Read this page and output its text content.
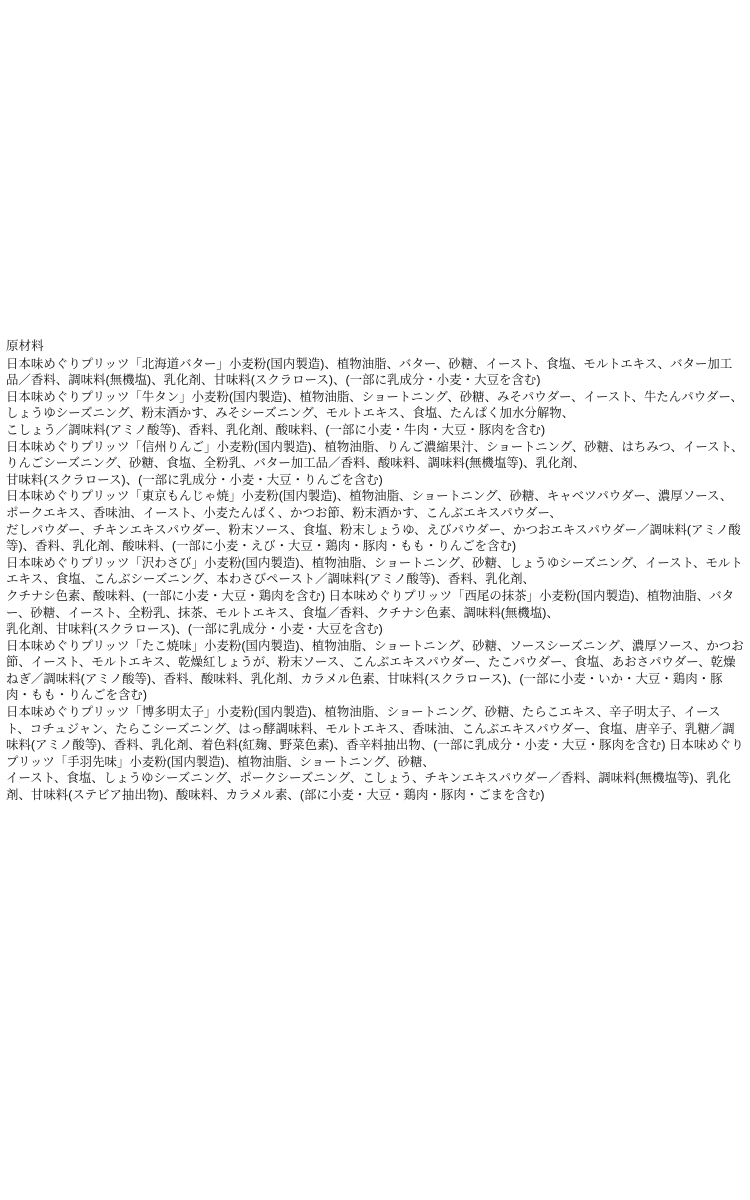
原材料

日本味めぐりプリッツ「北海道バター」小麦粉(国内製造)、植物油脂、バター、砂糖、イースト、食塩、モルトエキス、バター加工品／香料、調味料(無機塩)、乳化剤、甘味料(スクラロース)、(一部に乳成分・小麦・大豆を含む)

日本味めぐりプリッツ「牛タン」小麦粉(国内製造)、植物油脂、ショートニング、砂糖、みそパウダー、イースト、牛たんパウダー、しょうゆシーズニング、粉末酒かす、みそシーズニング、モルトエキス、食塩、たんぱく加水分解物、

こしょう／調味料(アミノ酸等)、香料、乳化剤、酸味料、(一部に小麦・牛肉・大豆・豚肉を含む)

日本味めぐりプリッツ「信州りんご」小麦粉(国内製造)、植物油脂、りんご濃縮果汁、ショートニング、砂糖、はちみつ、イースト、りんごシーズニング、砂糖、食塩、全粉乳、バター加工品／香料、酸味料、調味料(無機塩等)、乳化剤、

甘味料(スクラロース)、(一部に乳成分・小麦・大豆・りんごを含む)

日本味めぐりプリッツ「東京もんじゃ焼」小麦粉(国内製造)、植物油脂、ショートニング、砂糖、キャベツパウダー、濃厚ソース、ポークエキス、香味油、イースト、小麦たんぱく、かつお節、粉末酒かす、こんぶエキスパウダー、

だしパウダー、チキンエキスパウダー、粉末ソース、食塩、粉末しょうゆ、えびパウダー、かつおエキスパウダー／調味料(アミノ酸等)、香料、乳化剤、酸味料、(一部に小麦・えび・大豆・鶏肉・豚肉・もも・りんごを含む)

日本味めぐりプリッツ「沢わさび」小麦粉(国内製造)、植物油脂、ショートニング、砂糖、しょうゆシーズニング、イースト、モルトエキス、食塩、こんぶシーズニング、本わさびペースト／調味料(アミノ酸等)、香料、乳化剤、

クチナシ色素、酸味料、(一部に小麦・大豆・鶏肉を含む) 日本味めぐりプリッツ「西尾の抹茶」小麦粉(国内製造)、植物油脂、バター、砂糖、イースト、全粉乳、抹茶、モルトエキス、食塩／香料、クチナシ色素、調味料(無機塩)、

乳化剤、甘味料(スクラロース)、(一部に乳成分・小麦・大豆を含む)

日本味めぐりプリッツ「たこ焼味」小麦粉(国内製造)、植物油脂、ショートニング、砂糖、ソースシーズニング、濃厚ソース、かつお節、イースト、モルトエキス、乾燥紅しょうが、粉末ソース、こんぶエキスパウダー、たこパウダー、食塩、あおさパウダー、乾燥ねぎ／調味料(アミノ酸等)、香料、酸味料、乳化剤、カラメル色素、甘味料(スクラロース)、(一部に小麦・いか・大豆・鶏肉・豚肉・もも・りんごを含む)

日本味めぐりプリッツ「博多明太子」小麦粉(国内製造)、植物油脂、ショートニング、砂糖、たらこエキス、辛子明太子、イースト、コチュジャン、たらこシーズニング、はっ酵調味料、モルトエキス、香味油、こんぶエキスパウダー、食塩、唐辛子、乳糖／調味料(アミノ酸等)、香料、乳化剤、着色料(紅麹、野菜色素)、香辛料抽出物、(一部に乳成分・小麦・大豆・豚肉を含む) 日本味めぐりプリッツ「手羽先味」小麦粉(国内製造)、植物油脂、ショートニング、砂糖、

イースト、食塩、しょうゆシーズニング、ポークシーズニング、こしょう、チキンエキスパウダー／香料、調味料(無機塩等)、乳化剤、甘味料(ステビア抽出物)、酸味料、カラメル素、(部に小麦・大豆・鶏肉・豚肉・ごまを含む)
